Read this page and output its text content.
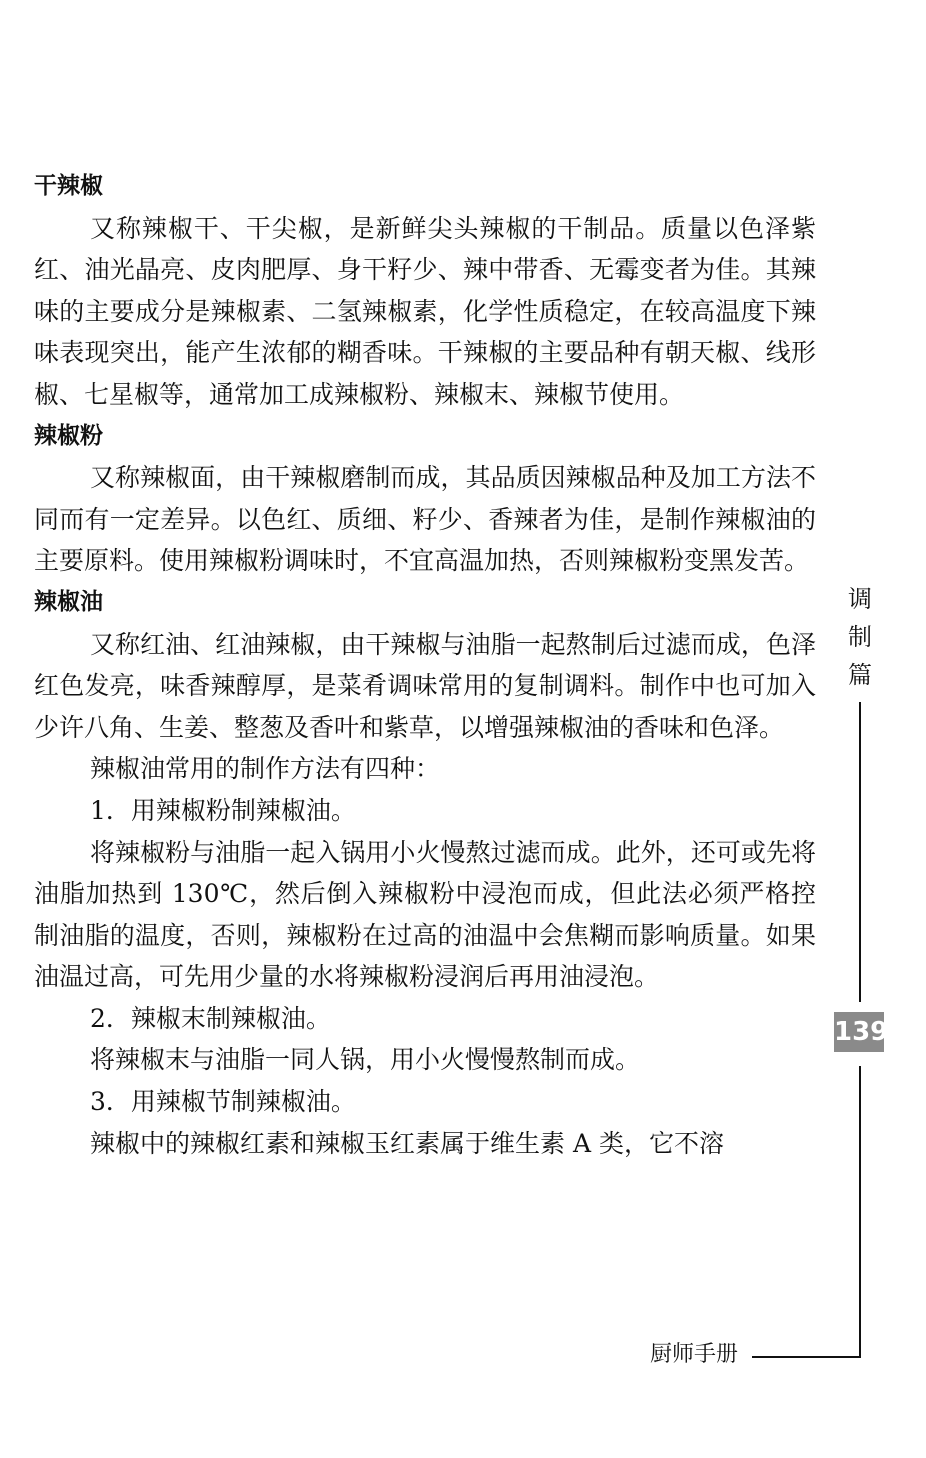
干辣椒

又称辣椒干、干尖椒，是新鲜尖头辣椒的干制品。质量以色泽紫红、油光晶亮、皮肉肥厚、身干籽少、辣中带香、无霉变者为佳。其辣味的主要成分是辣椒素、二氢辣椒素，化学性质稳定，在较高温度下辣味表现突出，能产生浓郁的糊香味。干辣椒的主要品种有朝天椒、线形椒、七星椒等，通常加工成辣椒粉、辣椒末、辣椒节使用。

辣椒粉

又称辣椒面，由干辣椒磨制而成，其品质因辣椒品种及加工方法不同而有一定差异。以色红、质细、籽少、香辣者为佳，是制作辣椒油的主要原料。使用辣椒粉调味时，不宜高温加热，否则辣椒粉变黑发苦。

辣椒油

又称红油、红油辣椒，由干辣椒与油脂一起熬制后过滤而成，色泽红色发亮，味香辣醇厚，是菜肴调味常用的复制调料。制作中也可加入少许八角、生姜、整葱及香叶和紫草，以增强辣椒油的香味和色泽。

辣椒油常用的制作方法有四种：

1．用辣椒粉制辣椒油。

将辣椒粉与油脂一起入锅用小火慢熬过滤而成。此外，还可或先将油脂加热到 130℃，然后倒入辣椒粉中浸泡而成，但此法必须严格控制油脂的温度，否则，辣椒粉在过高的油温中会焦糊而影响质量。如果油温过高，可先用少量的水将辣椒粉浸润后再用油浸泡。

2．辣椒末制辣椒油。

将辣椒末与油脂一同人锅，用小火慢慢熬制而成。

3．用辣椒节制辣椒油。

辣椒中的辣椒红素和辣椒玉红素属于维生素 A 类，它不溶

调
制
篇
139
厨师手册
